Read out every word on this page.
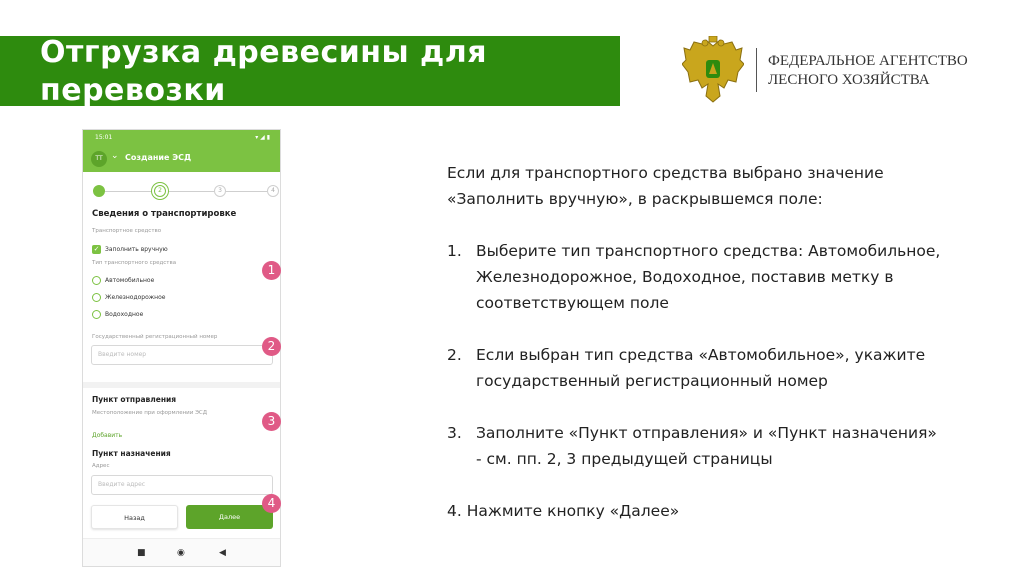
Отгрузка древесины для перевозки
ФЕДЕРАЛЬНОЕ АГЕНТСТВО
ЛЕСНОГО ХОЗЯЙСТВА
15:01	▾ ◢ ▮
ТТ ⌄ Создание ЭСД
2	3	4
Сведения о транспортировке
Транспортное средство
✓ Заполнить вручную
Тип транспортного средства
Автомобильное
Железнодорожное
Водоходное
Государственный регистрационный номер
Введите номер
Пункт отправления
Местоположение при оформлении ЭСД
Добавить
Пункт назначения
Адрес
Введите адрес
Назад	Далее
■	◉	◀
1
2
3
4

Если для транспортного средства выбрано значение «Заполнить вручную», в раскрывшемся поле:

1. Выберите тип транспортного средства: Автомобильное, Железнодорожное, Водоходное, поставив метку в соответствующем поле
2. Если выбран тип средства «Автомобильное», укажите государственный регистрационный номер
3. Заполните «Пункт отправления» и «Пункт назначения» - см. пп. 2, 3 предыдущей страницы

4. Нажмите кнопку «Далее»
